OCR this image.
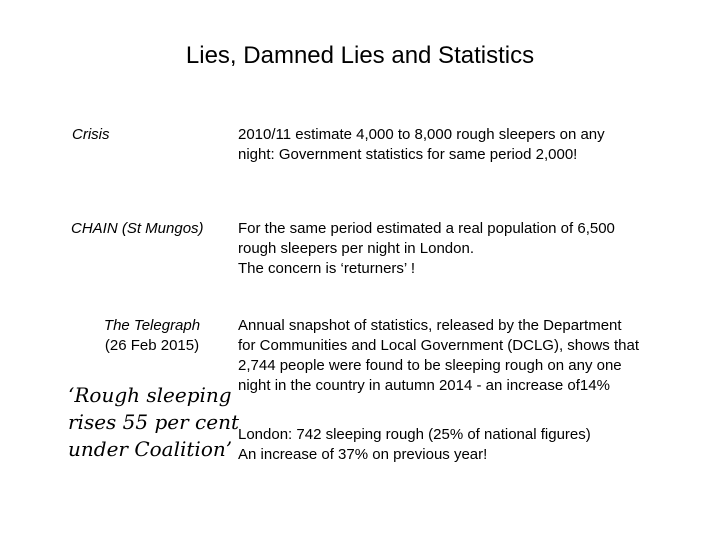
Lies, Damned Lies and Statistics
Crisis	2010/11 estimate 4,000 to 8,000 rough sleepers on any
night: Government statistics for same period 2,000!
CHAIN (St Mungos) For the same period estimated a real population of 6,500
rough sleepers per night in London.
The concern is ‘returners’ !
The Telegraph
(26 Feb 2015)
‘Rough sleeping
rises 55 per cent
under Coalition’
Annual snapshot of statistics, released by the Department
for Communities and Local Government (DCLG), shows that
2,744 people were found to be sleeping rough on any one
night in the country in autumn 2014 - an increase of14%
London: 742 sleeping rough (25% of national figures)
An increase of 37% on previous year!
